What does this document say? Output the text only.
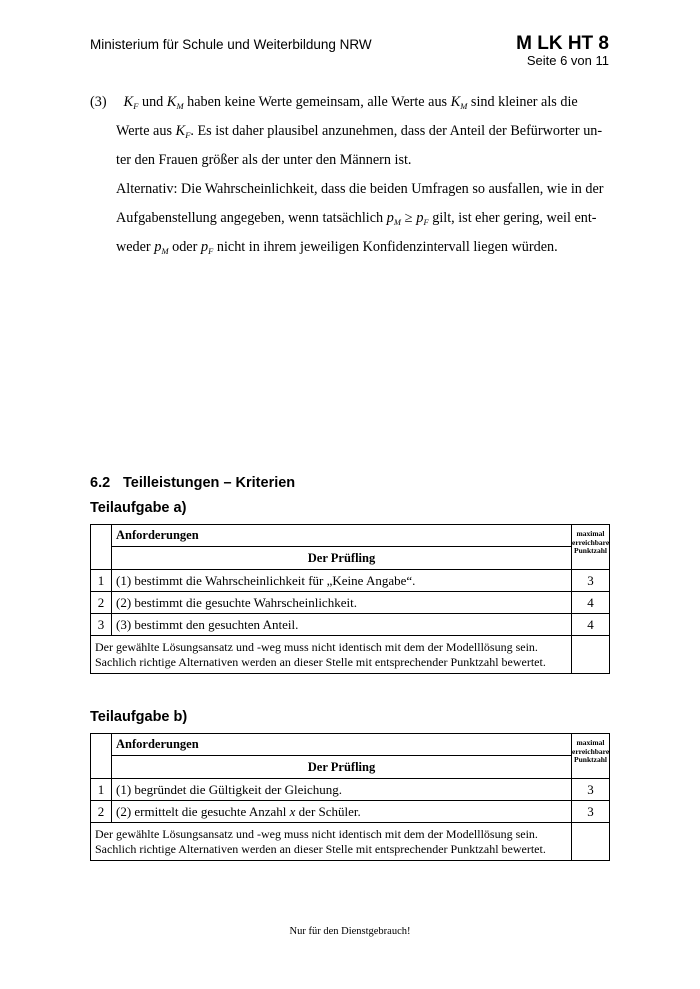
Ministerium für Schule und Weiterbildung NRW	M LK HT 8
Seite 6 von 11
(3) $K_F$ und $K_M$ haben keine Werte gemeinsam, alle Werte aus $K_M$ sind kleiner als die
Werte aus $K_F$. Es ist daher plausibel anzunehmen, dass der Anteil der Befürworter un-
ter den Frauen größer als der unter den Männern ist.
Alternativ: Die Wahrscheinlichkeit, dass die beiden Umfragen so ausfallen, wie in der
Aufgabenstellung angegeben, wenn tatsächlich $p_M \ge p_F$ gilt, ist eher gering, weil ent-
weder $p_M$ oder $p_F$ nicht in ihrem jeweiligen Konfidenzintervall liegen würden.
6.2 Teilleistungen – Kriterien
Teilaufgabe a)
	Anforderungen	maximal
erreichbare
Punktzahl
	Der Prüfling	
1	(1) bestimmt die Wahrscheinlichkeit für „Keine Angabe“.	3
2	(2) bestimmt die gesuchte Wahrscheinlichkeit.	4
3	(3) bestimmt den gesuchten Anteil.	4
Der gewählte Lösungsansatz und -weg muss nicht identisch mit dem der Modelllösung sein.
Sachlich richtige Alternativen werden an dieser Stelle mit entsprechender Punktzahl bewertet.		
Teilaufgabe b)
	Anforderungen	maximal
erreichbare
Punktzahl
	Der Prüfling	
1	(1) begründet die Gültigkeit der Gleichung.	3
2	(2) ermittelt die gesuchte Anzahl x der Schüler.	3
Der gewählte Lösungsansatz und -weg muss nicht identisch mit dem der Modelllösung sein.
Sachlich richtige Alternativen werden an dieser Stelle mit entsprechender Punktzahl bewertet.		
Nur für den Dienstgebrauch!
